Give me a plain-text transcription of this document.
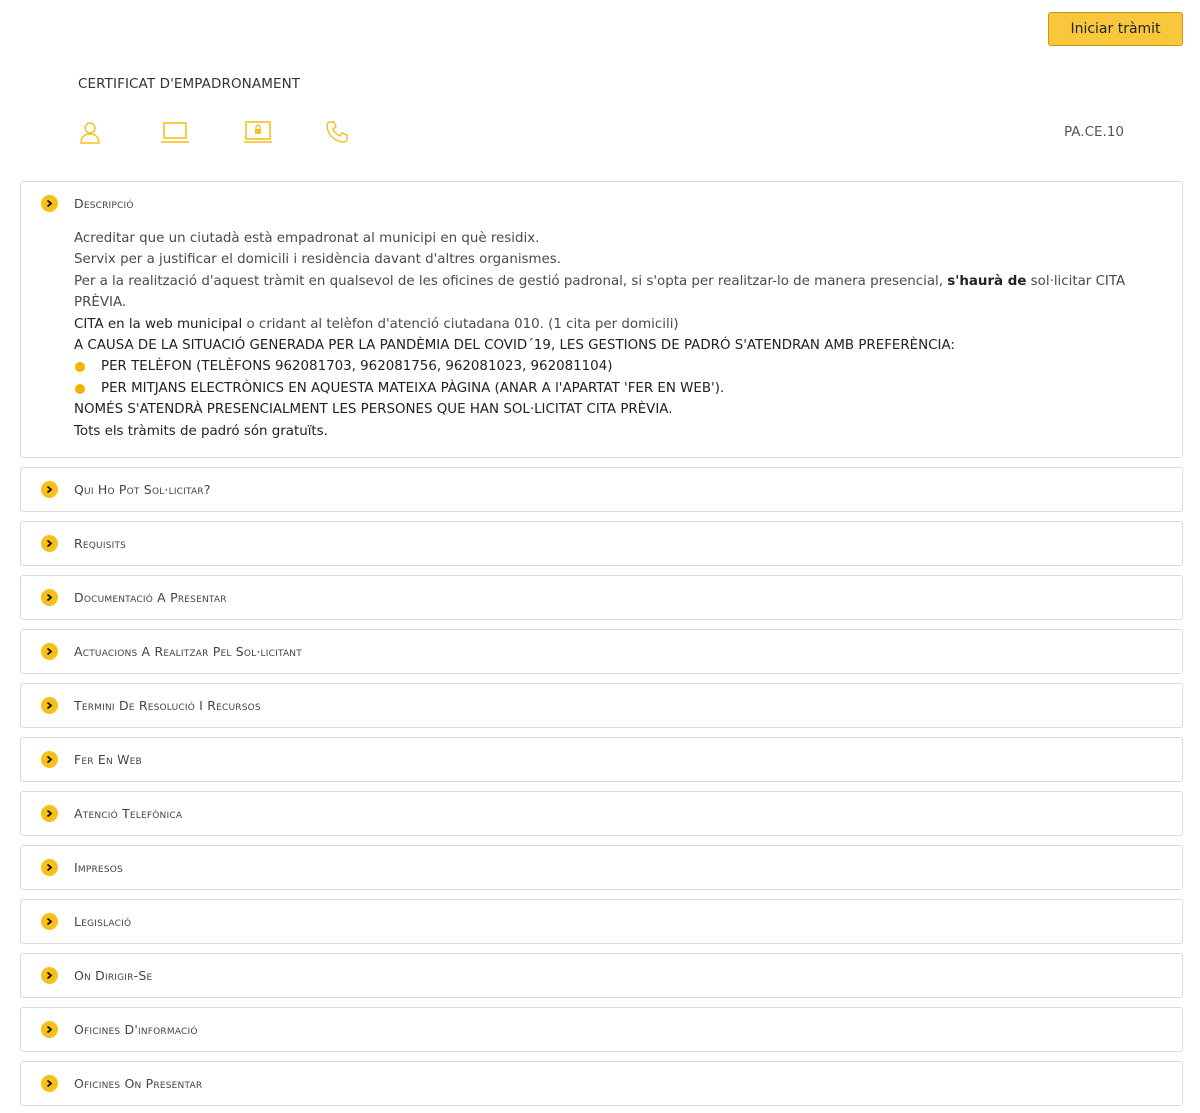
Iniciar tràmit
CERTIFICAT D'EMPADRONAMENT
PA.CE.10
Descripció

Acreditar que un ciutadà està empadronat al municipi en què residix.

Servix per a justificar el domicili i residència davant d'altres organismes.

Per a la realització d'aquest tràmit en qualsevol de les oficines de gestió padronal, si s'opta per realitzar-lo de manera presencial, s'haurà de sol·licitar CITA PRÈVIA.

CITA en la web municipal o cridant al telèfon d'atenció ciutadana 010. (1 cita per domicili)

A CAUSA DE LA SITUACIÓ GENERADA PER LA PANDÈMIA DEL COVID´19, LES GESTIONS DE PADRÓ S'ATENDRAN AMB PREFERÈNCIA:

PER TELÈFON (TELÈFONS 962081703, 962081756, 962081023, 962081104)
PER MITJANS ELECTRÒNICS EN AQUESTA MATEIXA PÀGINA (ANAR A l'APARTAT 'FER EN WEB').

NOMÉS S'ATENDRÀ PRESENCIALMENT LES PERSONES QUE HAN SOL·LICITAT CITA PRÈVIA.

Tots els tràmits de padró són gratuïts.

Qui Ho Pot Sol·licitar?
Requisits
Documentació A Presentar
Actuacions A Realitzar Pel Sol·licitant
Termini De Resolució I Recursos
Fer En Web
Atenció Telefònica
Impresos
Legislació
On Dirigir-Se
Oficines D'informació
Oficines On Presentar
